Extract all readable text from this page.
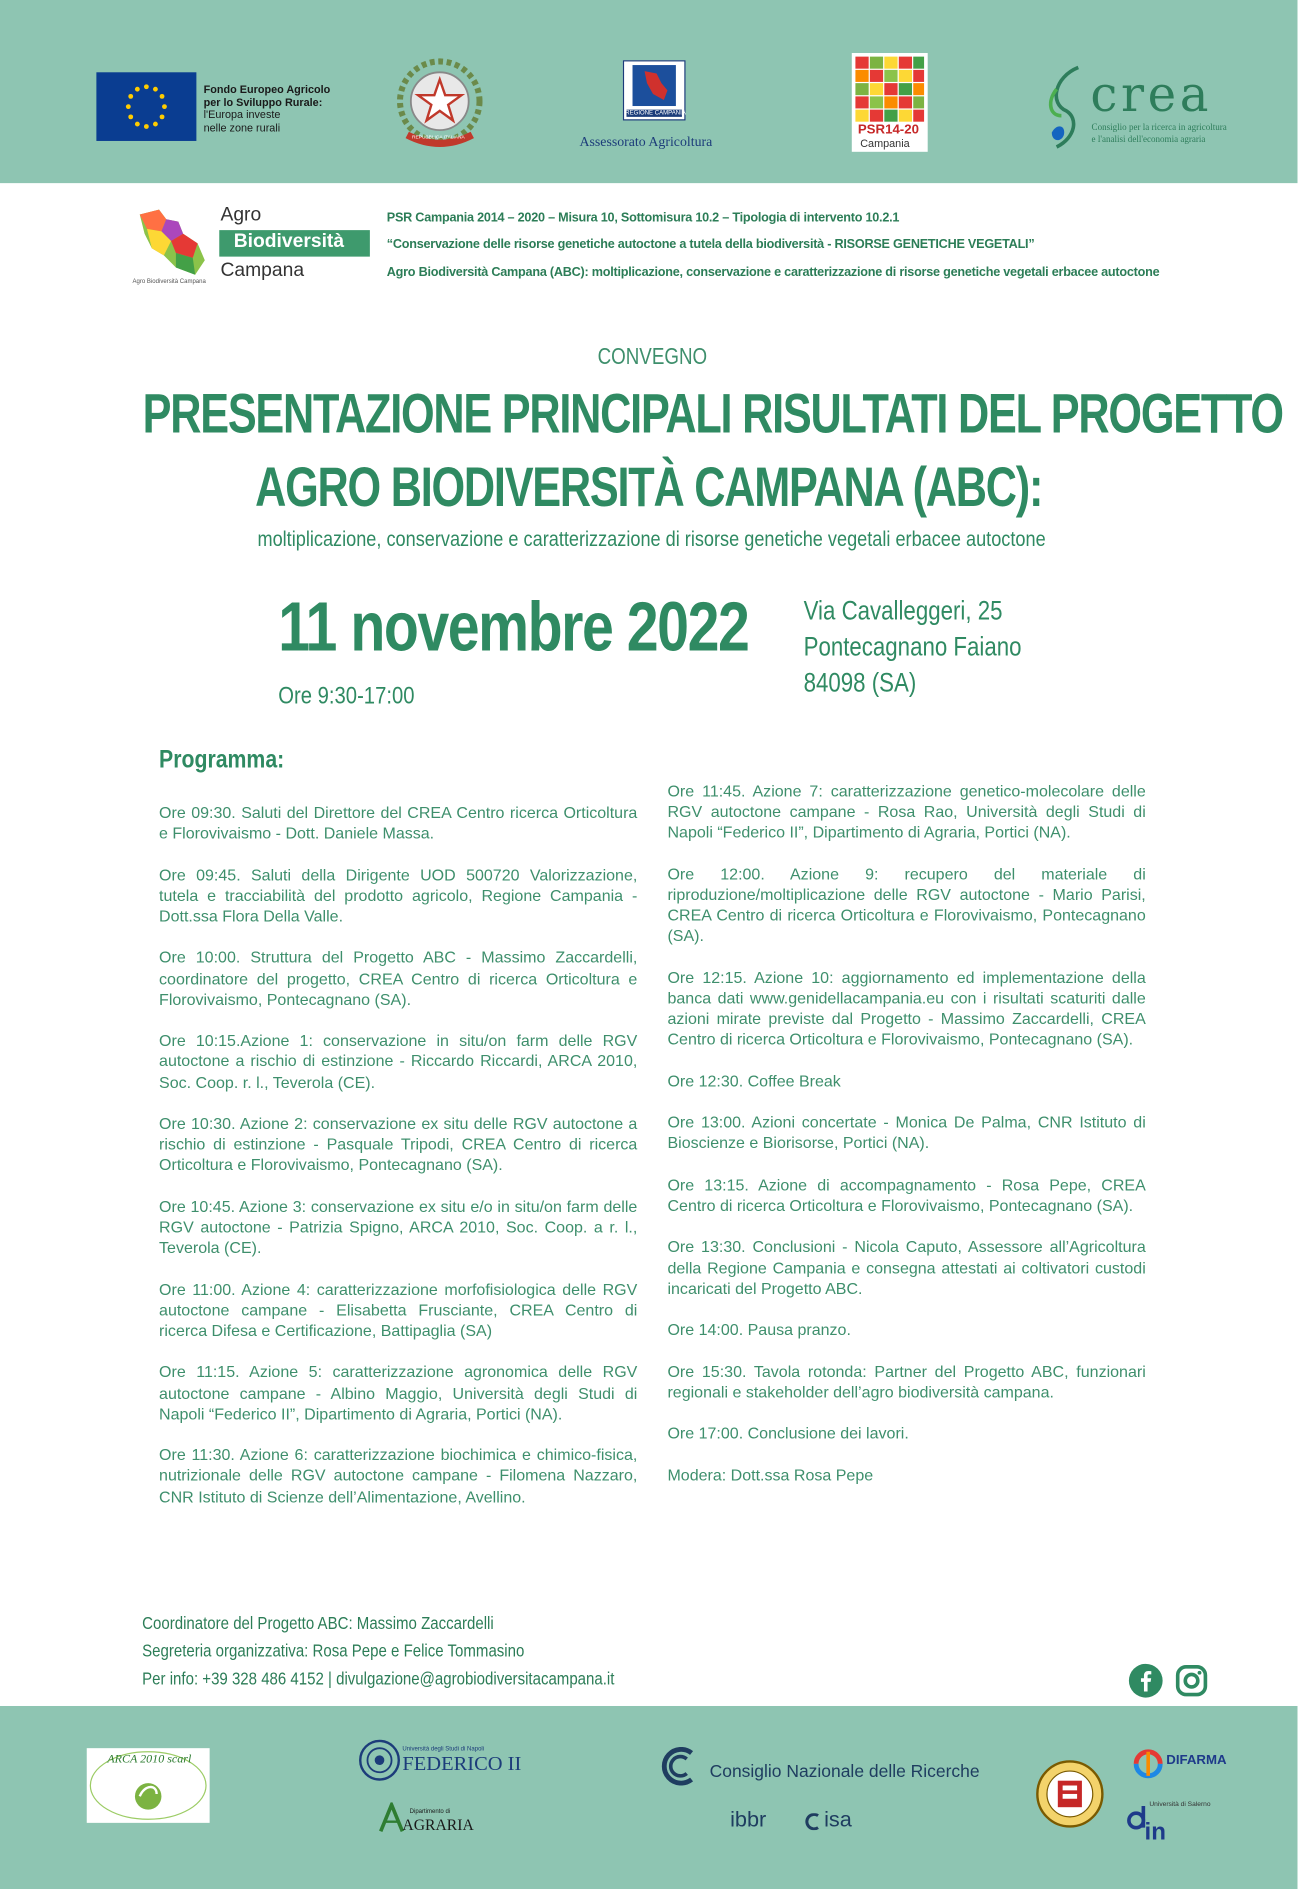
Fondo Europeo Agricolo
per lo Sviluppo Rurale:
l'Europa investe
nelle zone rurali
REPUBBLICA ITALIANA
REGIONE CAMPANIA
Assessorato Agricoltura
PSR14-20
Campania
crea
Consiglio per la ricerca in agricoltura
e l'analisi dell'economia agraria
Agro Biodiversità Campana
Agro
Biodiversità
Campana
PSR Campania 2014 – 2020 – Misura 10, Sottomisura 10.2 – Tipologia di intervento 10.2.1
“Conservazione delle risorse genetiche autoctone a tutela della biodiversità - RISORSE GENETICHE VEGETALI”
Agro Biodiversità Campana (ABC): moltiplicazione, conservazione e caratterizzazione di risorse genetiche vegetali erbacee autoctone
CONVEGNO
PRESENTAZIONE PRINCIPALI RISULTATI DEL PROGETTO
AGRO BIODIVERSITÀ CAMPANA (ABC):
moltiplicazione, conservazione e caratterizzazione di risorse genetiche vegetali erbacee autoctone
11 novembre 2022
Ore 9:30-17:00
Via Cavalleggeri, 25
Pontecagnano Faiano
84098 (SA)
Programma:

Ore 09:30. Saluti del Direttore del CREA Centro ricerca Orticoltura e Florovivaismo - Dott. Daniele Massa.

Ore 09:45. Saluti della Dirigente UOD 500720 Valorizzazione, tutela e tracciabilità del prodotto agricolo, Regione Campania - Dott.ssa Flora Della Valle.

Ore 10:00. Struttura del Progetto ABC - Massimo Zaccardelli, coordinatore del progetto, CREA Centro di ricerca Orticoltura e Florovivaismo, Pontecagnano (SA).

Ore 10:15.Azione 1: conservazione in situ/on farm delle RGV autoctone a rischio di estinzione - Riccardo Riccardi, ARCA 2010, Soc. Coop. r. l., Teverola (CE).

Ore 10:30. Azione 2: conservazione ex situ delle RGV autoctone a rischio di estinzione - Pasquale Tripodi, CREA Centro di ricerca Orticoltura e Florovivaismo, Pontecagnano (SA).

Ore 10:45. Azione 3: conservazione ex situ e/o in situ/on farm delle RGV autoctone - Patrizia Spigno, ARCA 2010, Soc. Coop. a r. l., Teverola (CE).

Ore 11:00. Azione 4: caratterizzazione morfofisiologica delle RGV autoctone campane - Elisabetta Frusciante, CREA Centro di ricerca Difesa e Certificazione, Battipaglia (SA)

Ore 11:15. Azione 5: caratterizzazione agronomica delle RGV autoctone campane - Albino Maggio, Università degli Studi di Napoli “Federico II”, Dipartimento di Agraria, Portici (NA).

Ore 11:30. Azione 6: caratterizzazione biochimica e chimico-fisica, nutrizionale delle RGV autoctone campane - Filomena Nazzaro, CNR Istituto di Scienze dell’Alimentazione, Avellino.

Ore 11:45. Azione 7: caratterizzazione genetico-molecolare delle RGV autoctone campane - Rosa Rao, Università degli Studi di Napoli “Federico II”, Dipartimento di Agraria, Portici (NA).

Ore 12:00. Azione 9: recupero del materiale di riproduzione/moltiplicazione delle RGV autoctone - Mario Parisi, CREA Centro di ricerca Orticoltura e Florovivaismo, Pontecagnano (SA).

Ore 12:15. Azione 10: aggiornamento ed implementazione della banca dati www.genidellacampania.eu con i risultati scaturiti dalle azioni mirate previste dal Progetto - Massimo Zaccardelli, CREA Centro di ricerca Orticoltura e Florovivaismo, Pontecagnano (SA).

Ore 12:30. Coffee Break

Ore 13:00. Azioni concertate - Monica De Palma, CNR Istituto di Bioscienze e Biorisorse, Portici (NA).

Ore 13:15. Azione di accompagnamento - Rosa Pepe, CREA Centro di ricerca Orticoltura e Florovivaismo, Pontecagnano (SA).

Ore 13:30. Conclusioni - Nicola Caputo, Assessore all’Agricoltura della Regione Campania e consegna attestati ai coltivatori custodi incaricati del Progetto ABC.

Ore 14:00. Pausa pranzo.

Ore 15:30. Tavola rotonda: Partner del Progetto ABC, funzionari regionali e stakeholder dell’agro biodiversità campana.

Ore 17:00. Conclusione dei lavori.

Modera: Dott.ssa Rosa Pepe

Coordinatore del Progetto ABC: Massimo Zaccardelli
Segreteria organizzativa: Rosa Pepe e Felice Tommasino
Per info: +39 328 486 4152 | divulgazione@agrobiodiversitacampana.it
ARCA 2010 scarl
Università degli Studi di Napoli
FEDERICO II
Dipartimento di
AGRARIA
Consiglio Nazionale delle Ricerche
ibbr	isa
DIFARMA
Università di Salerno
in
